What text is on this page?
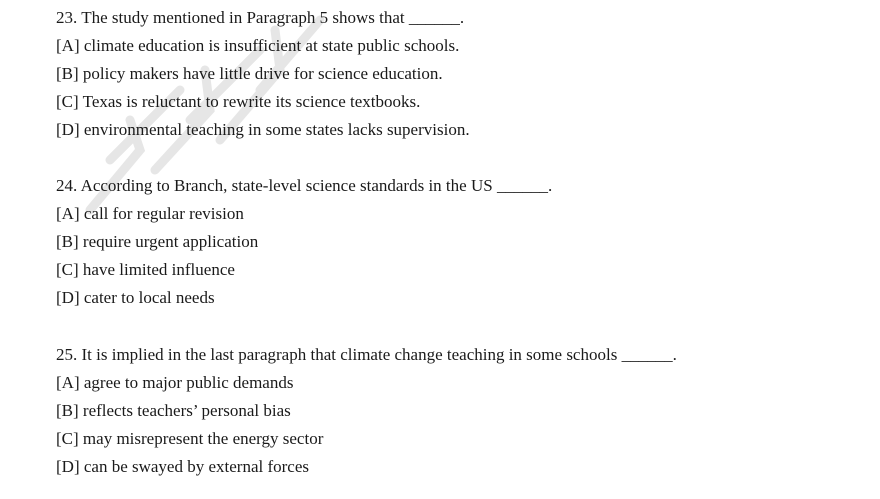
23. The study mentioned in Paragraph 5 shows that ______.
[A] climate education is insufficient at state public schools.
[B] policy makers have little drive for science education.
[C] Texas is reluctant to rewrite its science textbooks.
[D] environmental teaching in some states lacks supervision.
24. According to Branch, state-level science standards in the US ______.
[A] call for regular revision
[B] require urgent application
[C] have limited influence
[D] cater to local needs
25. It is implied in the last paragraph that climate change teaching in some schools ______.
[A] agree to major public demands
[B] reflects teachers’ personal bias
[C] may misrepresent the energy sector
[D] can be swayed by external forces
